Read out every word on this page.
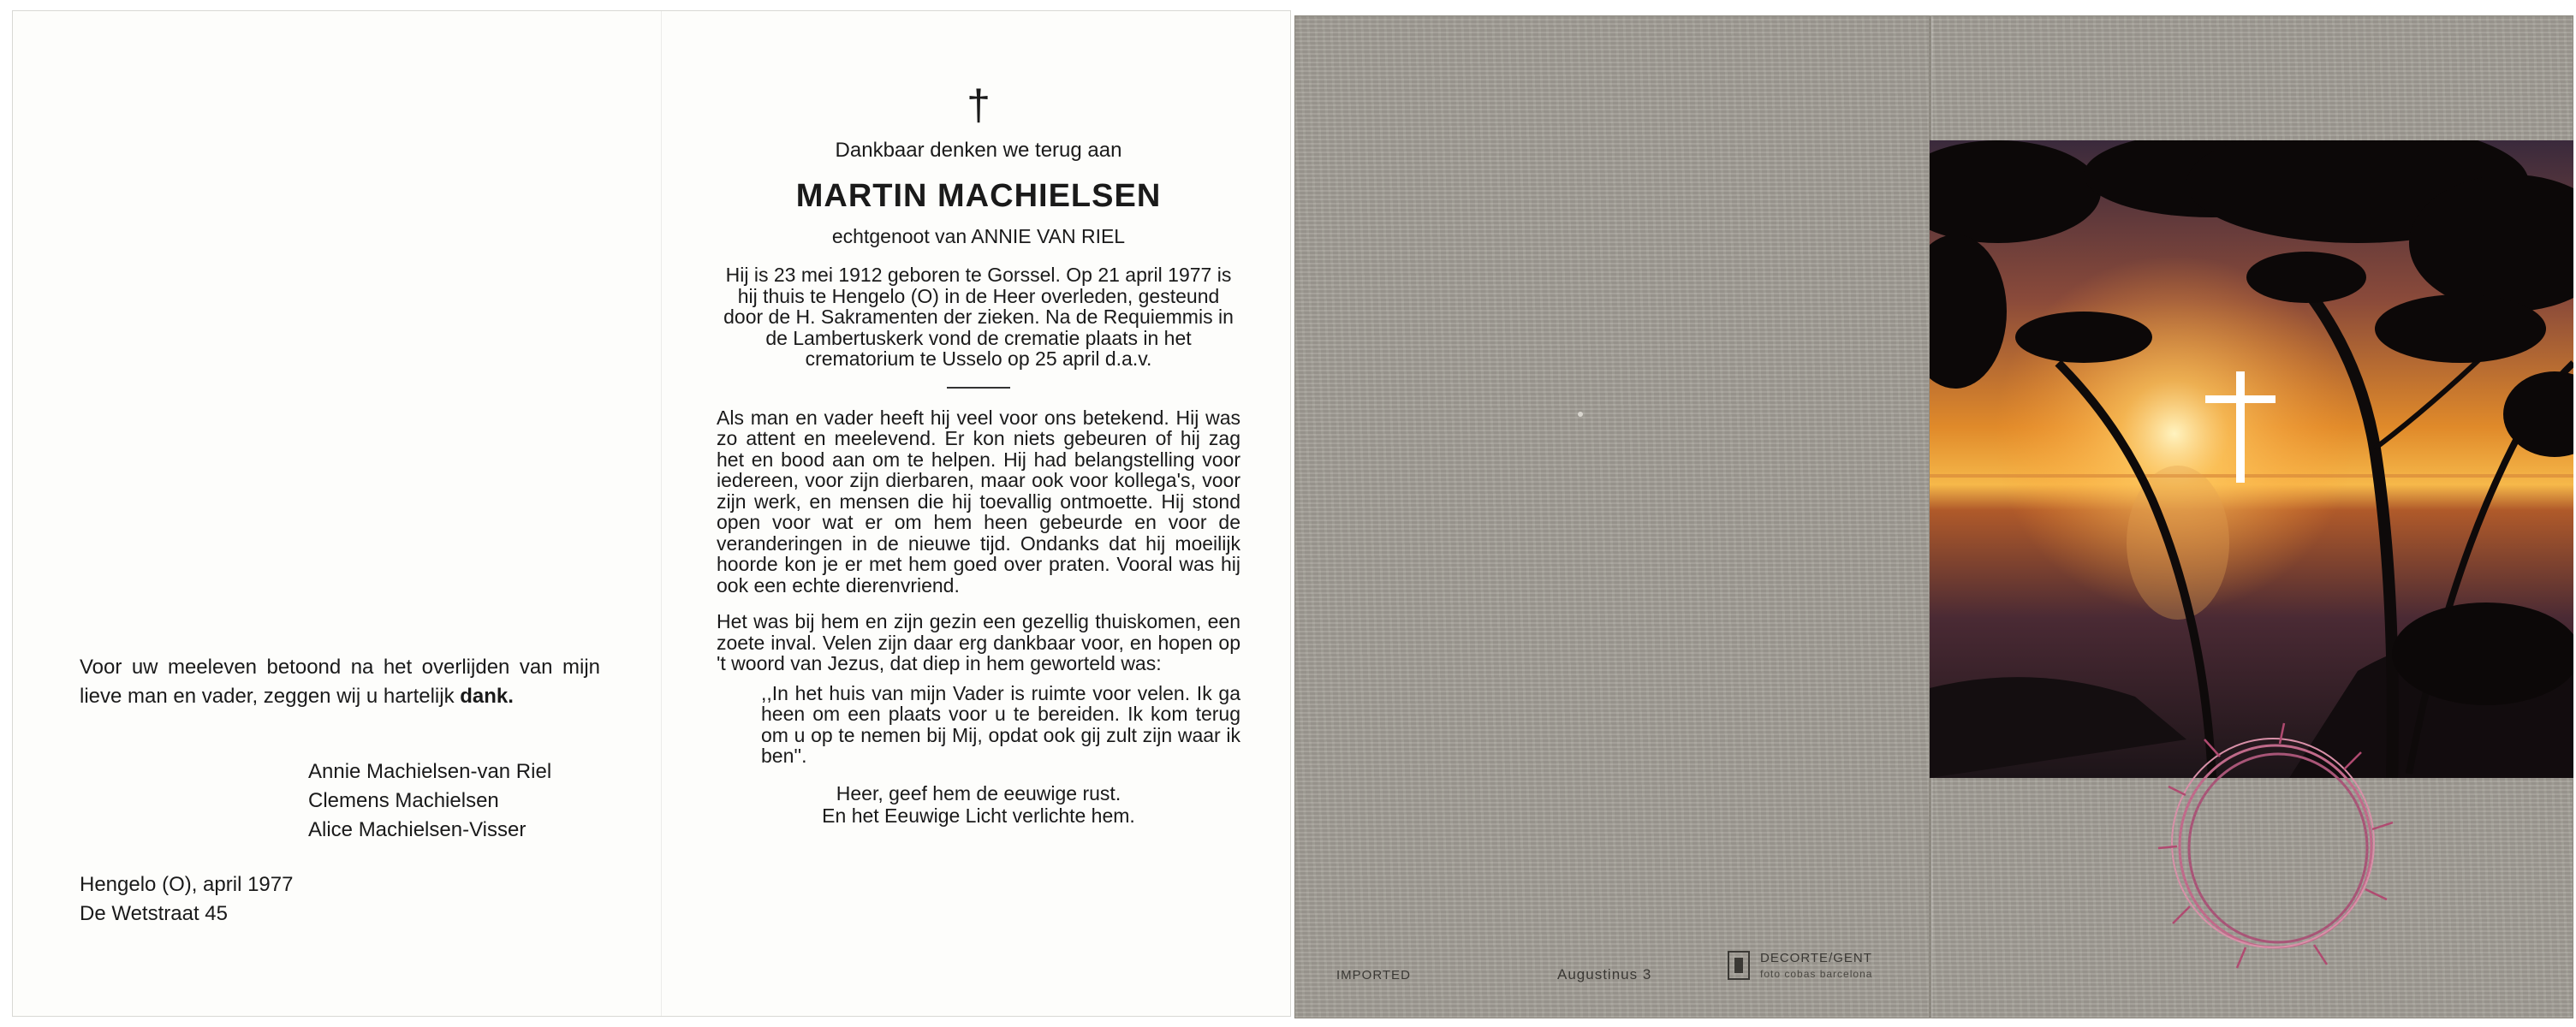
Voor uw meeleven betoond na het overlijden van mijn lieve man en vader, zeggen wij u hartelijk dank.
Annie Machielsen-van Riel
Clemens Machielsen
Alice Machielsen-Visser
Hengelo (O), april 1977
De Wetstraat 45
†
Dankbaar denken we terug aan
MARTIN MACHIELSEN
echtgenoot van ANNIE VAN RIEL
Hij is 23 mei 1912 geboren te Gorssel. Op 21 april 1977 is hij thuis te Hengelo (O) in de Heer overleden, gesteund door de H. Sakramenten der zieken. Na de Requiemmis in de Lambertuskerk vond de crematie plaats in het crematorium te Usselo op 25 april d.a.v.
Als man en vader heeft hij veel voor ons betekend. Hij was zo attent en meelevend. Er kon niets gebeuren of hij zag het en bood aan om te helpen. Hij had belangstelling voor iedereen, voor zijn dierbaren, maar ook voor kollega's, voor zijn werk, en mensen die hij toevallig ontmoette. Hij stond open voor wat er om hem heen gebeurde en voor de veranderingen in de nieuwe tijd. Ondanks dat hij moeilijk hoorde kon je er met hem goed over praten. Vooral was hij ook een echte dierenvriend.
Het was bij hem en zijn gezin een gezellig thuiskomen, een zoete inval. Velen zijn daar erg dankbaar voor, en hopen op 't woord van Jezus, dat diep in hem geworteld was:
,,In het huis van mijn Vader is ruimte voor velen. Ik ga heen om een plaats voor u te bereiden. Ik kom terug om u op te nemen bij Mij, opdat ook gij zult zijn waar ik ben''.
Heer, geef hem de eeuwige rust.
En het Eeuwige Licht verlichte hem.
IMPORTED	Augustinus 3
DECORTE/GENT
foto cobas barcelona
